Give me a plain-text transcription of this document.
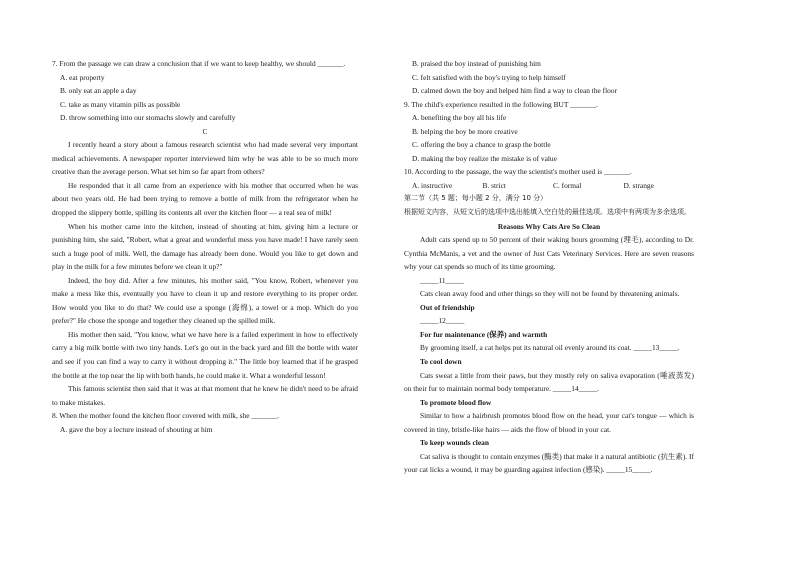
7. From the passage we can draw a conclusion that if we want to keep healthy, we should _______.

A. eat property

B. only eat an apple a day

C. take as many vitamin pills as possible

D. throw something into our stomachs slowly and carefully

C

I recently heard a story about a famous research scientist who had made several very important medical achievements. A newspaper reporter interviewed him why he was able to be so much more creative than the average person. What set him so far apart from others?

He responded that it all came from an experience with his mother that occurred when he was about two years old. He had been trying to remove a bottle of milk from the refrigerator when he dropped the slippery bottle, spilling its contents all over the kitchen floor — a real sea of milk!

When his mother came into the kitchen, instead of shouting at him, giving him a lecture or punishing him, she said, "Robert, what a great and wonderful mess you have made! I have rarely seen such a huge pool of milk. Well, the damage has already been done. Would you like to get down and play in the milk for a few minutes before we clean it up?"

Indeed, the boy did. After a few minutes, his mother said, "You know, Robert, whenever you make a mess like this, eventually you have to clean it up and restore everything to its proper order. How would you like to do that? We could use a sponge (海绵), a towel or a mop. Which do you prefer?" He chose the sponge and together they cleaned up the spilled milk.

His mother then said, "You know, what we have here is a failed experiment in how to effectively carry a big milk bottle with two tiny hands. Let's go out in the back yard and fill the bottle with water and see if you can find a way to carry it without dropping it." The little boy learned that if he grasped the bottle at the top near the lip with both hands, he could make it. What a wonderful lesson!

This famous scientist then said that it was at that moment that he knew he didn't need to be afraid to make mistakes.

8. When the mother found the kitchen floor covered with milk, she _______.

A. gave the boy a lecture instead of shouting at him

B. praised the boy instead of punishing him

C. felt satisfied with the boy's trying to help himself

D. calmed down the boy and helped him find a way to clean the floor

9. The child's experience resulted in the following BUT _______.

A. benefiting the boy all his life

B. helping the boy be more creative

C. offering the boy a chance to grasp the bottle

D. making the boy realize the mistake is of value

10. According to the passage, the way the scientist's mother used is _______.

A. instructive	B. strict	C. formal	D. strange

第二节（共 5 题；每小题 2 分，满分 10 分）

根据短文内容，从短文后的选项中选出能填入空白处的最佳选项。选项中有两项为多余选项。

Reasons Why Cats Are So Clean

Adult cats spend up to 50 percent of their waking hours grooming (理毛), according to Dr. Cynthia McManis, a vet and the owner of Just Cats Veterinary Services. Here are seven reasons why your cat spends so much of its time grooming.

_____11_____

Cats clean away food and other things so they will not be found by threatening animals.

Out of friendship

_____12_____

For fur maintenance (保养) and warmth

By grooming itself, a cat helps put its natural oil evenly around its coat. _____13_____.

To cool down

Cats sweat a little from their paws, but they mostly rely on saliva evaporation (唾液蒸发) on their fur to maintain normal body temperature. _____14_____.

To promote blood flow

Similar to how a hairbrush promotes blood flow on the head, your cat's tongue — which is covered in tiny, bristle-like hairs — aids the flow of blood in your cat.

To keep wounds clean

Cat saliva is thought to contain enzymes (酶类) that make it a natural antibiotic (抗生素). If your cat licks a wound, it may be guarding against infection (感染). _____15_____.
